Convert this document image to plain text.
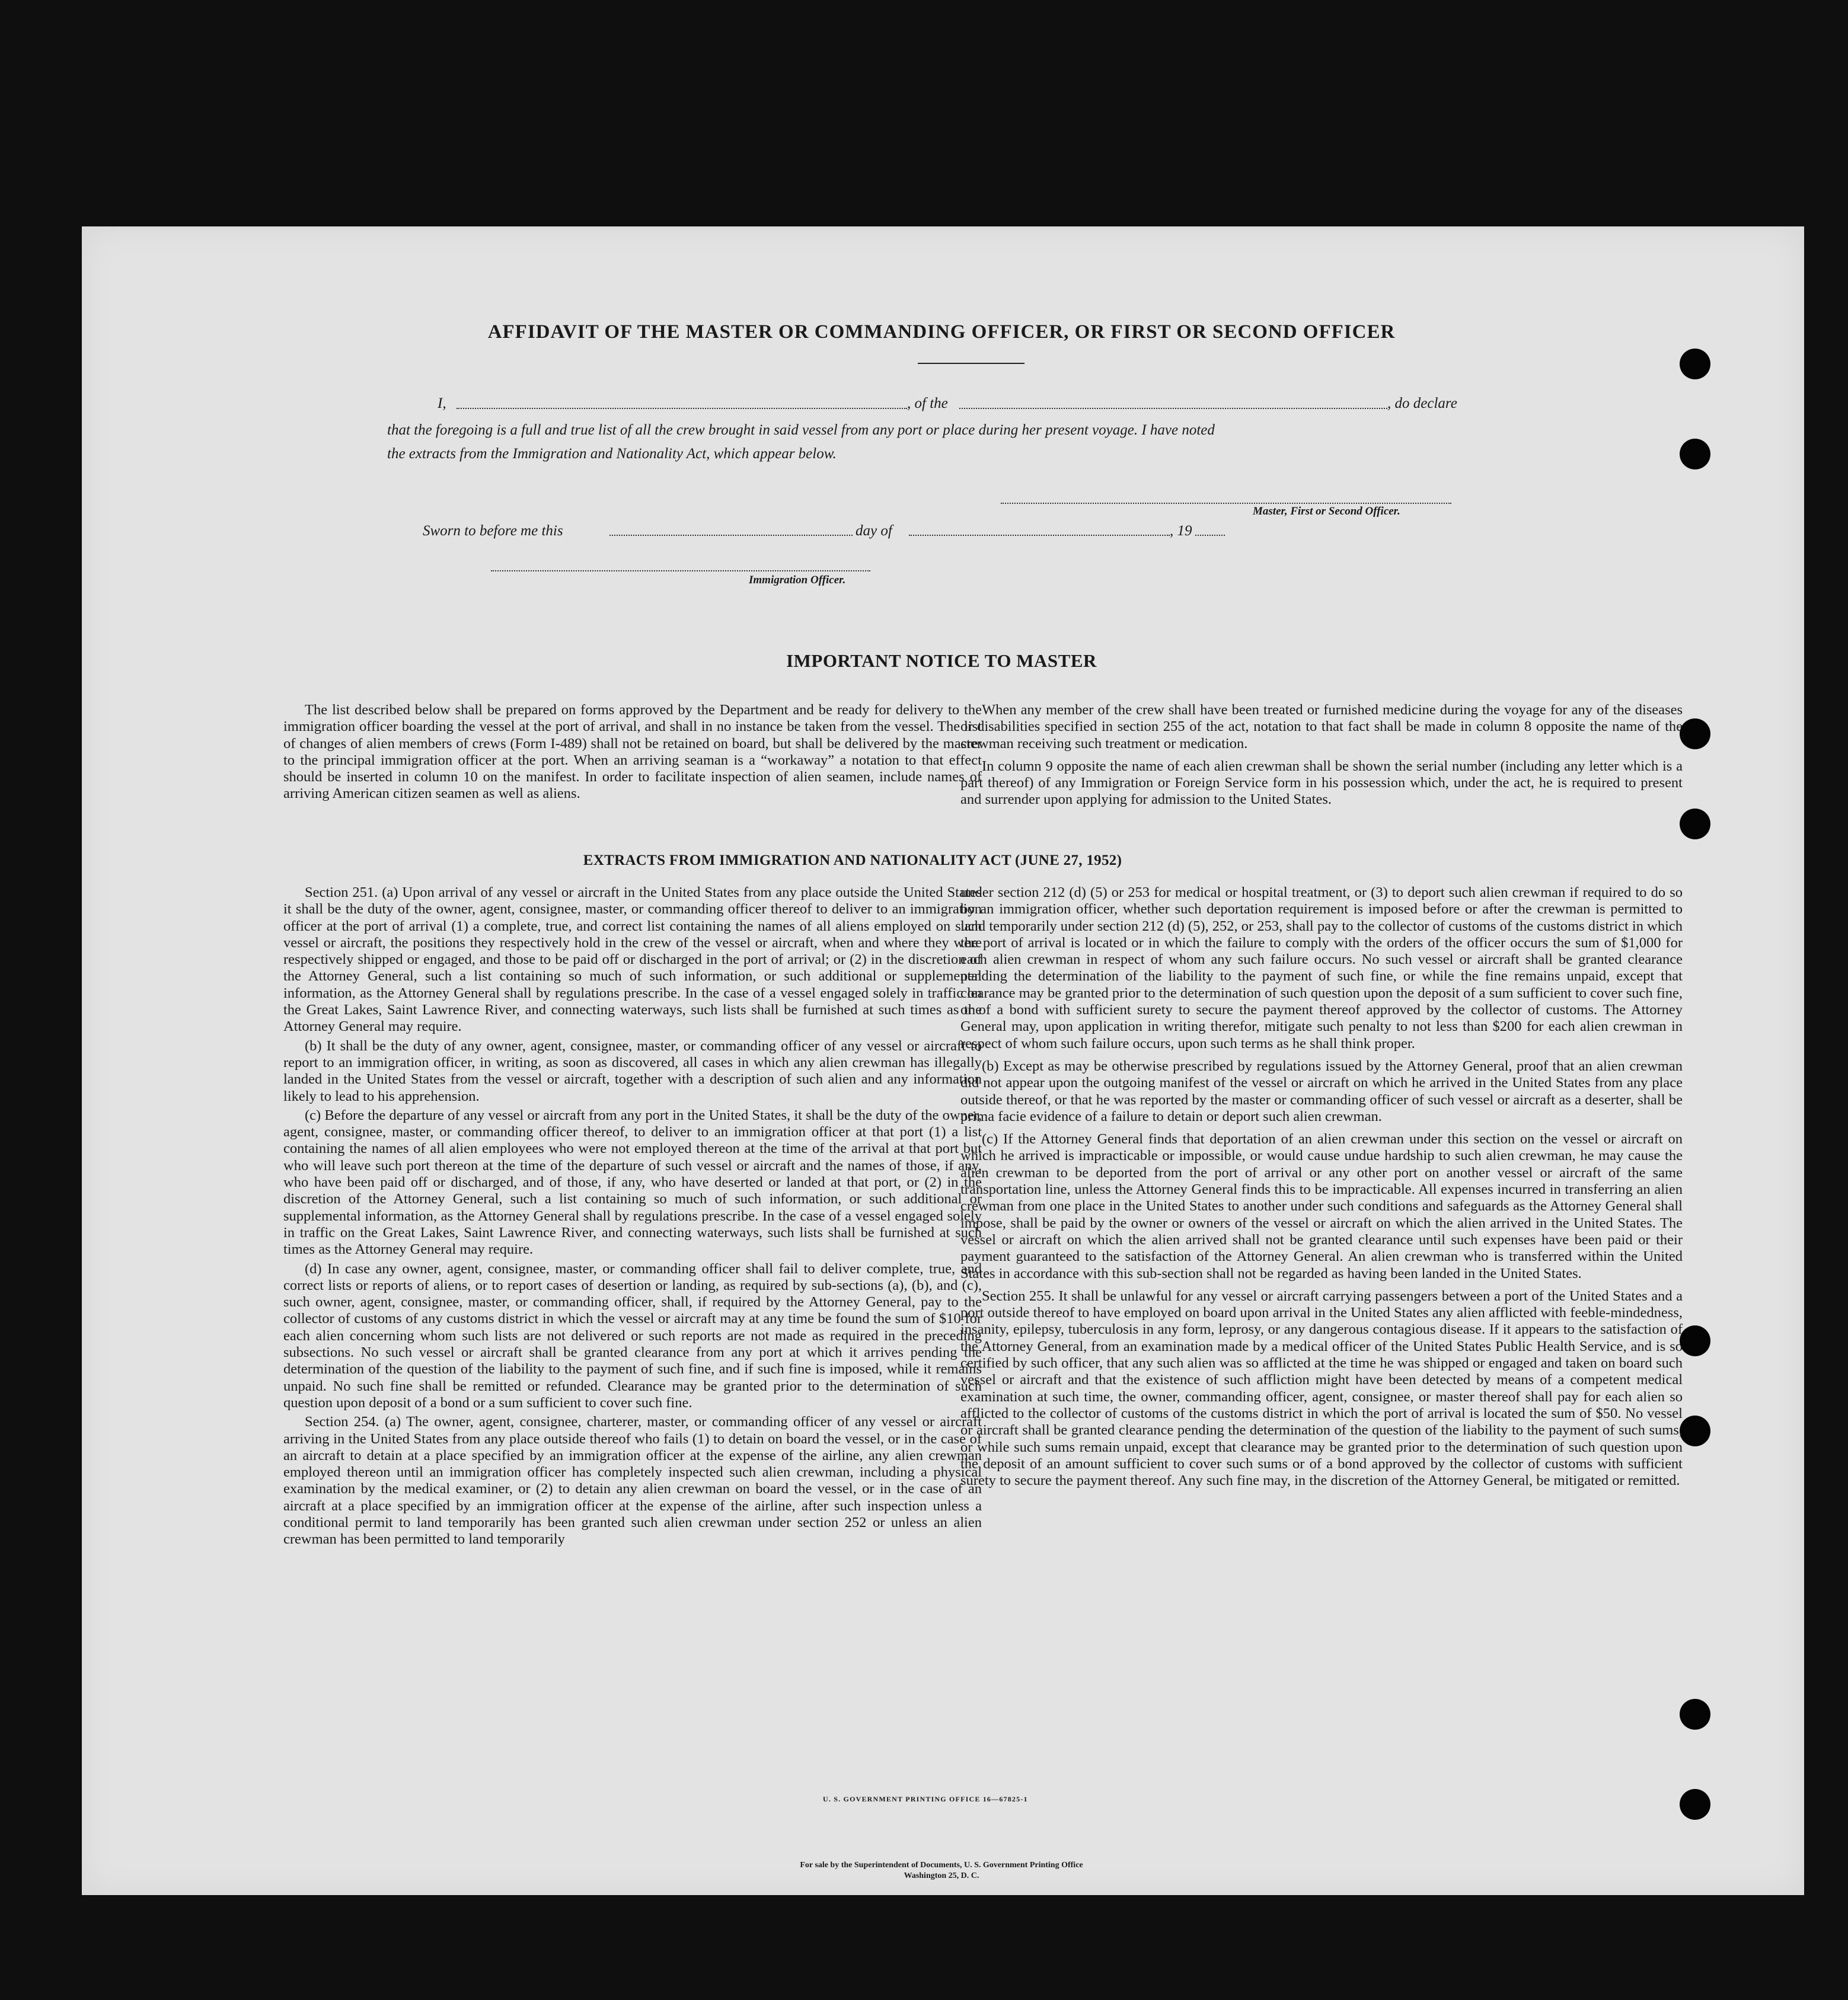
AFFIDAVIT OF THE MASTER OR COMMANDING OFFICER, OR FIRST OR SECOND OFFICER
I,	, of the	, do declare
that the foregoing is a full and true list of all the crew brought in said vessel from any port or place during her present voyage. I have noted
the extracts from the Immigration and Nationality Act, which appear below.
Master, First or Second Officer.
Sworn to before me this	day of	, 19
Immigration Officer.
IMPORTANT NOTICE TO MASTER

The list described below shall be prepared on forms approved by the Department and be ready for delivery to the immigration officer boarding the vessel at the port of arrival, and shall in no instance be taken from the vessel. The list of changes of alien members of crews (Form I-489) shall not be retained on board, but shall be delivered by the master to the principal immigration officer at the port. When an arriving seaman is a “workaway” a notation to that effect should be inserted in column 10 on the manifest. In order to facilitate inspection of alien seamen, include names of arriving American citizen seamen as well as aliens.

When any member of the crew shall have been treated or furnished medicine during the voyage for any of the diseases or disabilities specified in section 255 of the act, notation to that fact shall be made in column 8 opposite the name of the crewman receiving such treatment or medication.

In column 9 opposite the name of each alien crewman shall be shown the serial number (including any letter which is a part thereof) of any Immigration or Foreign Service form in his possession which, under the act, he is required to present and surrender upon applying for admission to the United States.

EXTRACTS FROM IMMIGRATION AND NATIONALITY ACT (JUNE 27, 1952)

Section 251. (a) Upon arrival of any vessel or aircraft in the United States from any place outside the United States it shall be the duty of the owner, agent, consignee, master, or commanding officer thereof to deliver to an immigration officer at the port of arrival (1) a complete, true, and correct list containing the names of all aliens employed on such vessel or aircraft, the positions they respectively hold in the crew of the vessel or aircraft, when and where they were respectively shipped or engaged, and those to be paid off or discharged in the port of arrival; or (2) in the discretion of the Attorney General, such a list containing so much of such information, or such additional or supplemental information, as the Attorney General shall by regulations prescribe. In the case of a vessel engaged solely in traffic on the Great Lakes, Saint Lawrence River, and connecting waterways, such lists shall be furnished at such times as the Attorney General may require.

(b) It shall be the duty of any owner, agent, consignee, master, or commanding officer of any vessel or aircraft to report to an immigration officer, in writing, as soon as discovered, all cases in which any alien crewman has illegally landed in the United States from the vessel or aircraft, together with a description of such alien and any information likely to lead to his apprehension.

(c) Before the departure of any vessel or aircraft from any port in the United States, it shall be the duty of the owner, agent, consignee, master, or commanding officer thereof, to deliver to an immigration officer at that port (1) a list containing the names of all alien employees who were not employed thereon at the time of the arrival at that port but who will leave such port thereon at the time of the departure of such vessel or aircraft and the names of those, if any, who have been paid off or discharged, and of those, if any, who have deserted or landed at that port, or (2) in the discretion of the Attorney General, such a list containing so much of such information, or such additional or supplemental information, as the Attorney General shall by regulations prescribe. In the case of a vessel engaged solely in traffic on the Great Lakes, Saint Lawrence River, and connecting waterways, such lists shall be furnished at such times as the Attorney General may require.

(d) In case any owner, agent, consignee, master, or commanding officer shall fail to deliver complete, true, and correct lists or reports of aliens, or to report cases of desertion or landing, as required by sub-sections (a), (b), and (c), such owner, agent, consignee, master, or commanding officer, shall, if required by the Attorney General, pay to the collector of customs of any customs district in which the vessel or aircraft may at any time be found the sum of $10 for each alien concerning whom such lists are not delivered or such reports are not made as required in the preceding subsections. No such vessel or aircraft shall be granted clearance from any port at which it arrives pending the determination of the question of the liability to the payment of such fine, and if such fine is imposed, while it remains unpaid. No such fine shall be remitted or refunded. Clearance may be granted prior to the determination of such question upon deposit of a bond or a sum sufficient to cover such fine.

Section 254. (a) The owner, agent, consignee, charterer, master, or commanding officer of any vessel or aircraft arriving in the United States from any place outside thereof who fails (1) to detain on board the vessel, or in the case of an aircraft to detain at a place specified by an immigration officer at the expense of the airline, any alien crewman employed thereon until an immigration officer has completely inspected such alien crewman, including a physical examination by the medical examiner, or (2) to detain any alien crewman on board the vessel, or in the case of an aircraft at a place specified by an immigration officer at the expense of the airline, after such inspection unless a conditional permit to land temporarily has been granted such alien crewman under section 252 or unless an alien crewman has been permitted to land temporarily

under section 212 (d) (5) or 253 for medical or hospital treatment, or (3) to deport such alien crewman if required to do so by an immigration officer, whether such deportation requirement is imposed before or after the crewman is permitted to land temporarily under section 212 (d) (5), 252, or 253, shall pay to the collector of customs of the customs district in which the port of arrival is located or in which the failure to comply with the orders of the officer occurs the sum of $1,000 for each alien crewman in respect of whom any such failure occurs. No such vessel or aircraft shall be granted clearance pending the determination of the liability to the payment of such fine, or while the fine remains unpaid, except that clearance may be granted prior to the determination of such question upon the deposit of a sum sufficient to cover such fine, or of a bond with sufficient surety to secure the payment thereof approved by the collector of customs. The Attorney General may, upon application in writing therefor, mitigate such penalty to not less than $200 for each alien crewman in respect of whom such failure occurs, upon such terms as he shall think proper.

(b) Except as may be otherwise prescribed by regulations issued by the Attorney General, proof that an alien crewman did not appear upon the outgoing manifest of the vessel or aircraft on which he arrived in the United States from any place outside thereof, or that he was reported by the master or commanding officer of such vessel or aircraft as a deserter, shall be prima facie evidence of a failure to detain or deport such alien crewman.

(c) If the Attorney General finds that deportation of an alien crewman under this section on the vessel or aircraft on which he arrived is impracticable or impossible, or would cause undue hardship to such alien crewman, he may cause the alien crewman to be deported from the port of arrival or any other port on another vessel or aircraft of the same transportation line, unless the Attorney General finds this to be impracticable. All expenses incurred in transferring an alien crewman from one place in the United States to another under such conditions and safeguards as the Attorney General shall impose, shall be paid by the owner or owners of the vessel or aircraft on which the alien arrived in the United States. The vessel or aircraft on which the alien arrived shall not be granted clearance until such expenses have been paid or their payment guaranteed to the satisfaction of the Attorney General. An alien crewman who is transferred within the United States in accordance with this sub-section shall not be regarded as having been landed in the United States.

Section 255. It shall be unlawful for any vessel or aircraft carrying passengers between a port of the United States and a port outside thereof to have employed on board upon arrival in the United States any alien afflicted with feeble-mindedness, insanity, epilepsy, tuberculosis in any form, leprosy, or any dangerous contagious disease. If it appears to the satisfaction of the Attorney General, from an examination made by a medical officer of the United States Public Health Service, and is so certified by such officer, that any such alien was so afflicted at the time he was shipped or engaged and taken on board such vessel or aircraft and that the existence of such affliction might have been detected by means of a competent medical examination at such time, the owner, commanding officer, agent, consignee, or master thereof shall pay for each alien so afflicted to the collector of customs of the customs district in which the port of arrival is located the sum of $50. No vessel or aircraft shall be granted clearance pending the determination of the question of the liability to the payment of such sums, or while such sums remain unpaid, except that clearance may be granted prior to the determination of such question upon the deposit of an amount sufficient to cover such sums or of a bond approved by the collector of customs with sufficient surety to secure the payment thereof. Any such fine may, in the discretion of the Attorney General, be mitigated or remitted.

U. S. GOVERNMENT PRINTING OFFICE 16—67825-1
For sale by the Superintendent of Documents, U. S. Government Printing Office
Washington 25, D. C.
